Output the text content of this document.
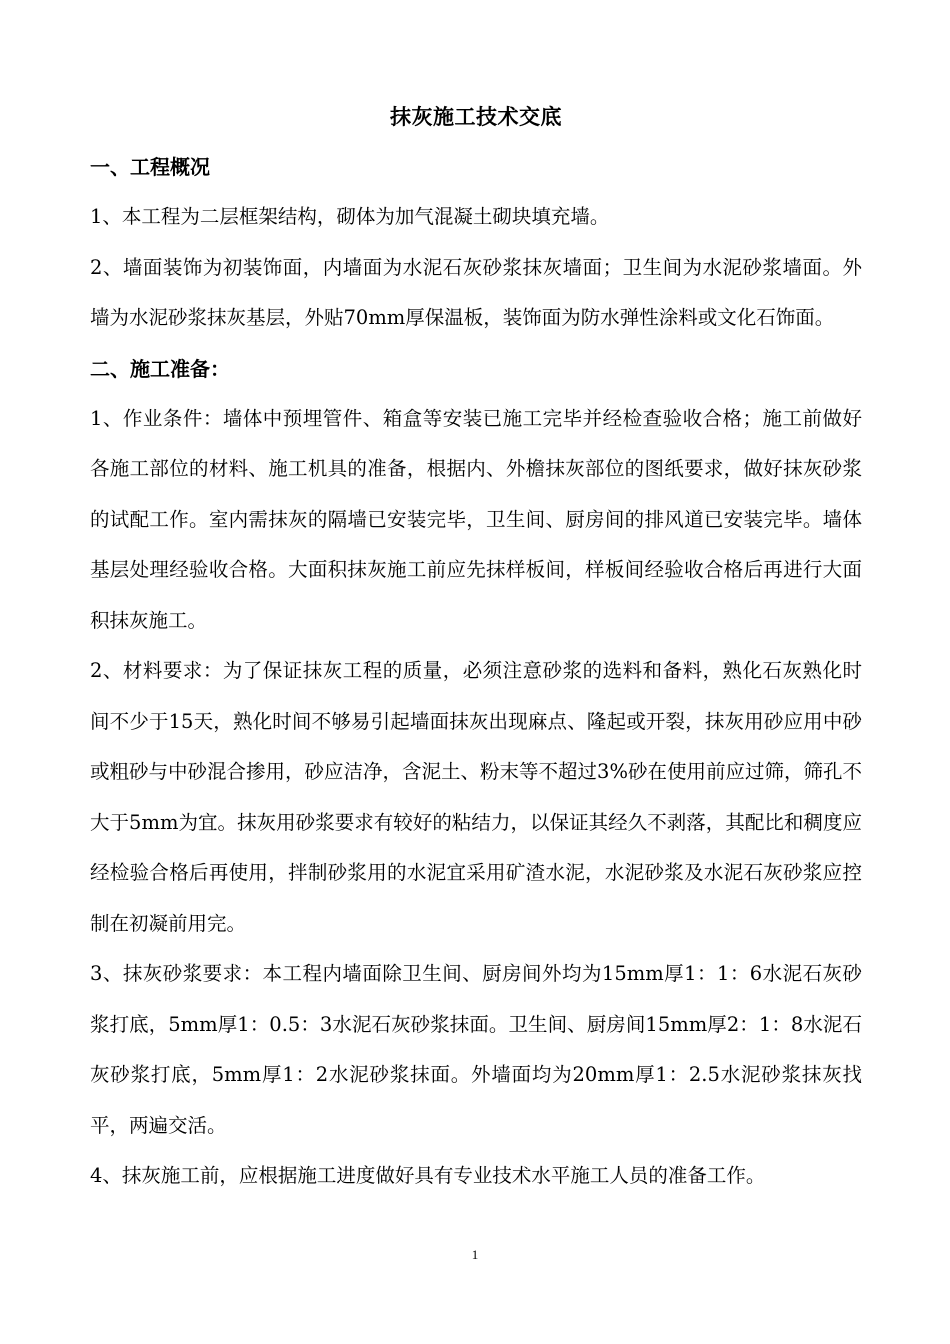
抹灰施工技术交底
一、工程概况

1、本工程为二层框架结构，砌体为加气混凝土砌块填充墙。

2、墙面装饰为初装饰面，内墙面为水泥石灰砂浆抹灰墙面；卫生间为水泥砂浆墙面。外墙为水泥砂浆抹灰基层，外贴70mm厚保温板，装饰面为防水弹性涂料或文化石饰面。

二、施工准备：

1、作业条件：墙体中预埋管件、箱盒等安装已施工完毕并经检查验收合格；施工前做好各施工部位的材料、施工机具的准备，根据内、外檐抹灰部位的图纸要求，做好抹灰砂浆的试配工作。室内需抹灰的隔墙已安装完毕，卫生间、厨房间的排风道已安装完毕。墙体基层处理经验收合格。大面积抹灰施工前应先抹样板间，样板间经验收合格后再进行大面积抹灰施工。

2、材料要求：为了保证抹灰工程的质量，必须注意砂浆的选料和备料，熟化石灰熟化时间不少于15天，熟化时间不够易引起墙面抹灰出现麻点、隆起或开裂，抹灰用砂应用中砂或粗砂与中砂混合掺用，砂应洁净，含泥土、粉末等不超过3%砂在使用前应过筛，筛孔不大于5mm为宜。抹灰用砂浆要求有较好的粘结力，以保证其经久不剥落，其配比和稠度应 经检验合格后再使用，拌制砂浆用的水泥宜采用矿渣水泥，水泥砂浆及水泥石灰砂浆应控制在初凝前用完。

3、抹灰砂浆要求：本工程内墙面除卫生间、厨房间外均为15mm厚1：1：6水泥石灰砂浆打底，5mm厚1：0.5：3水泥石灰砂浆抹面。卫生间、厨房间15mm厚2：1：8水泥石灰砂浆打底，5mm厚1：2水泥砂浆抹面。外墙面均为20mm厚1：2.5水泥砂浆抹灰找平，两遍交活。

4、抹灰施工前，应根据施工进度做好具有专业技术水平施工人员的准备工作。

1
